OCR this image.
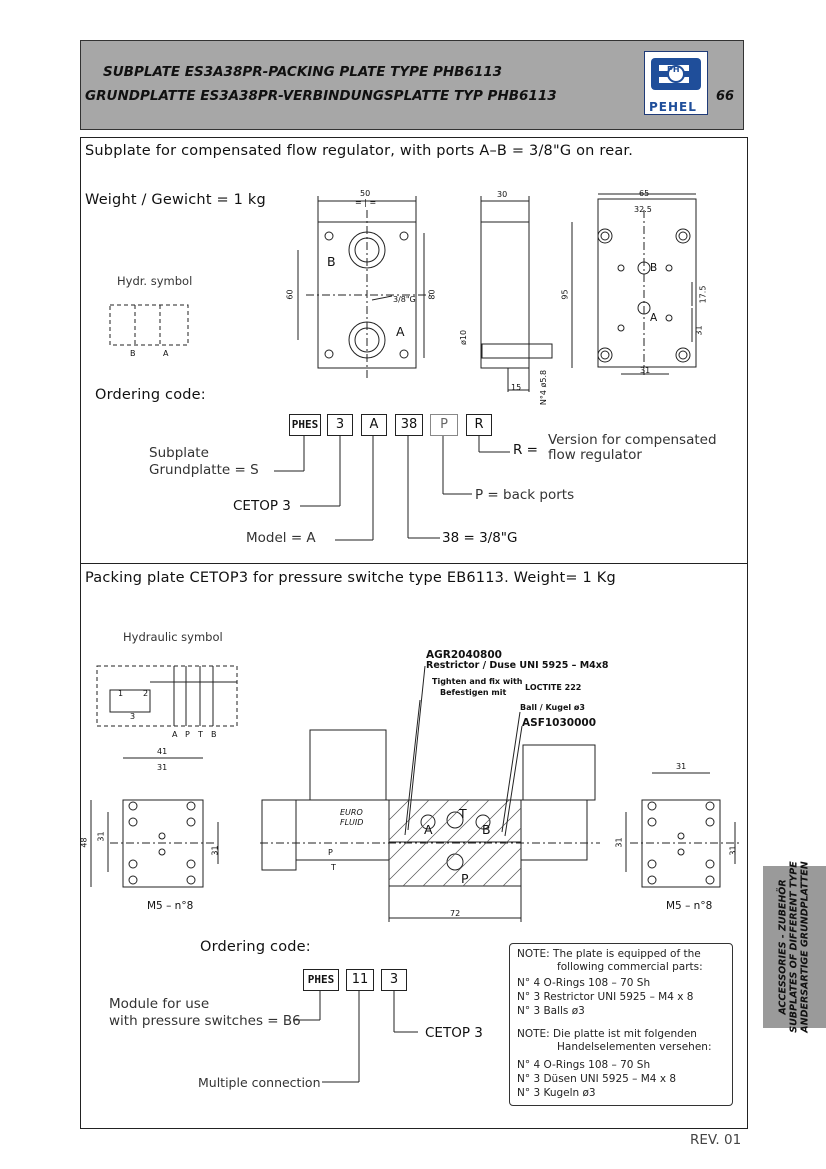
SUBPLATE ES3A38PR-PACKING PLATE TYPE PHB6113
GRUNDPLATTE ES3A38PR-VERBINDUNGSPLATTE TYP PHB6113
PH
PEHEL
66
Subplate for compensated flow regulator, with ports A–B = 3/8"G on rear.
Weight / Gewicht = 1 kg
Hydr. symbol
B	A
50
= | =
60	80
B
A
3/8"G
30
ø10
15 N°4 ø5.8
65
32.5
95	17.5
31
31
B
A
Ordering code:
PHES	3	A	38	P	R
Subplate
Grundplatte = S
CETOP 3
Model = A	38 = 3/8"G
P = back ports
R =
Version for compensated
flow regulator
Packing plate CETOP3 for pressure switche type EB6113. Weight= 1 Kg
Hydraulic symbol
A P T B
1 2
3
AGR2040800
Restrictor / Duse UNI 5925 – M4x8
Tighten and fix with
Befestigen mit
LOCTITE 222
Ball / Kugel ø3
ASF1030000
EURO
FLUID	A
T
B
P
P
T
41
31
48
31
31
M5 – n°8
31
31
31
M5 – n°8
72
Ordering code:
PHES	11	3
Module for use
with pressure switches = B6
CETOP 3
Multiple connection
NOTE: The plate is equipped of the
following commercial parts:
N° 4 O-Rings 108 – 70 Sh
N° 3 Restrictor UNI 5925 – M4 x 8
N° 3 Balls ø3
NOTE: Die platte ist mit folgenden
Handelselementen versehen:
N° 4 O-Rings 108 – 70 Sh
N° 3 Düsen UNI 5925 – M4 x 8
N° 3 Kugeln ø3
ACCESSORIES - ZUBEHÖR SUBPLATES OF DIFFERENT TYPE ANDERSARTIGE GRUNDPLATTEN
REV. 01
